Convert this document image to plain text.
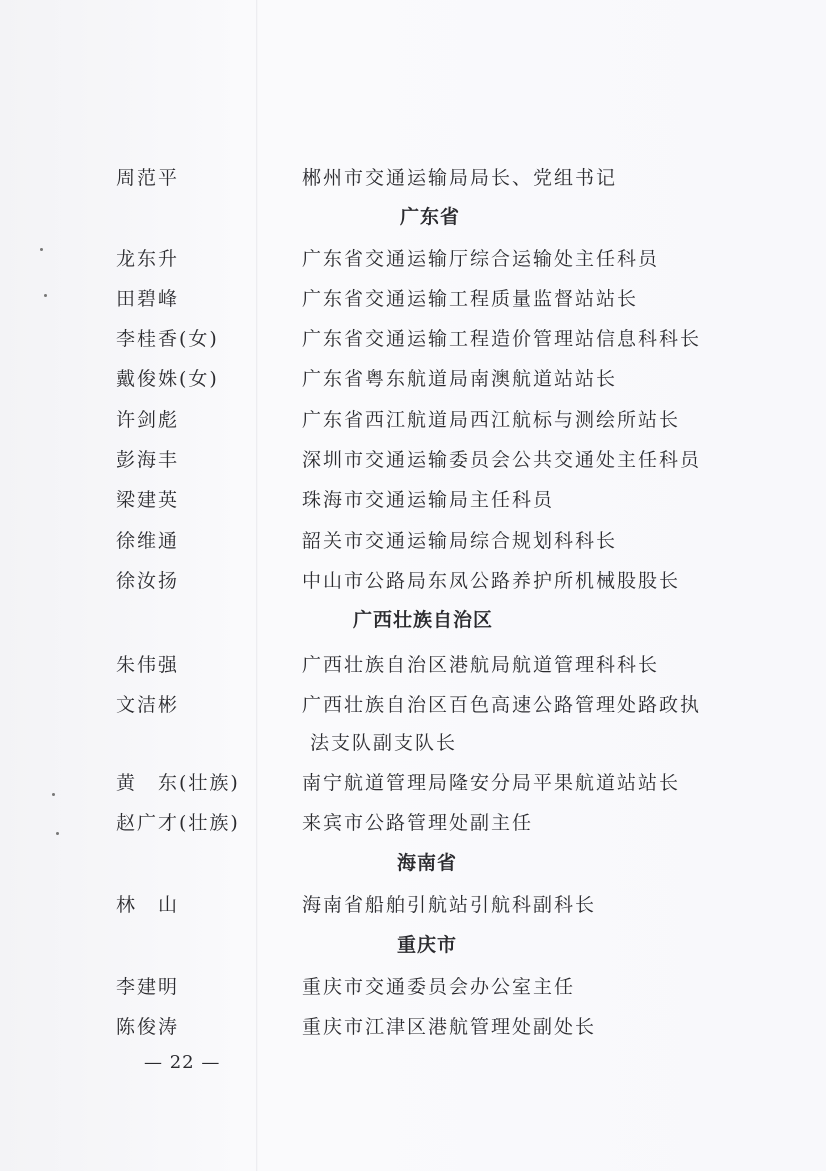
周范平	郴州市交通运输局局长、党组书记
广东省
龙东升	广东省交通运输厅综合运输处主任科员
田碧峰	广东省交通运输工程质量监督站站长
李桂香(女)	广东省交通运输工程造价管理站信息科科长
戴俊姝(女)	广东省粤东航道局南澳航道站站长
许剑彪	广东省西江航道局西江航标与测绘所站长
彭海丰	深圳市交通运输委员会公共交通处主任科员
梁建英	珠海市交通运输局主任科员
徐维通	韶关市交通运输局综合规划科科长
徐汝扬	中山市公路局东凤公路养护所机械股股长
广西壮族自治区
朱伟强	广西壮族自治区港航局航道管理科科长
文洁彬	广西壮族自治区百色高速公路管理处路政执
法支队副支队长
黄　东(壮族)	南宁航道管理局隆安分局平果航道站站长
赵广才(壮族)	来宾市公路管理处副主任
海南省
林　山	海南省船舶引航站引航科副科长
重庆市
李建明	重庆市交通委员会办公室主任
陈俊涛	重庆市江津区港航管理处副处长
— 22 —
